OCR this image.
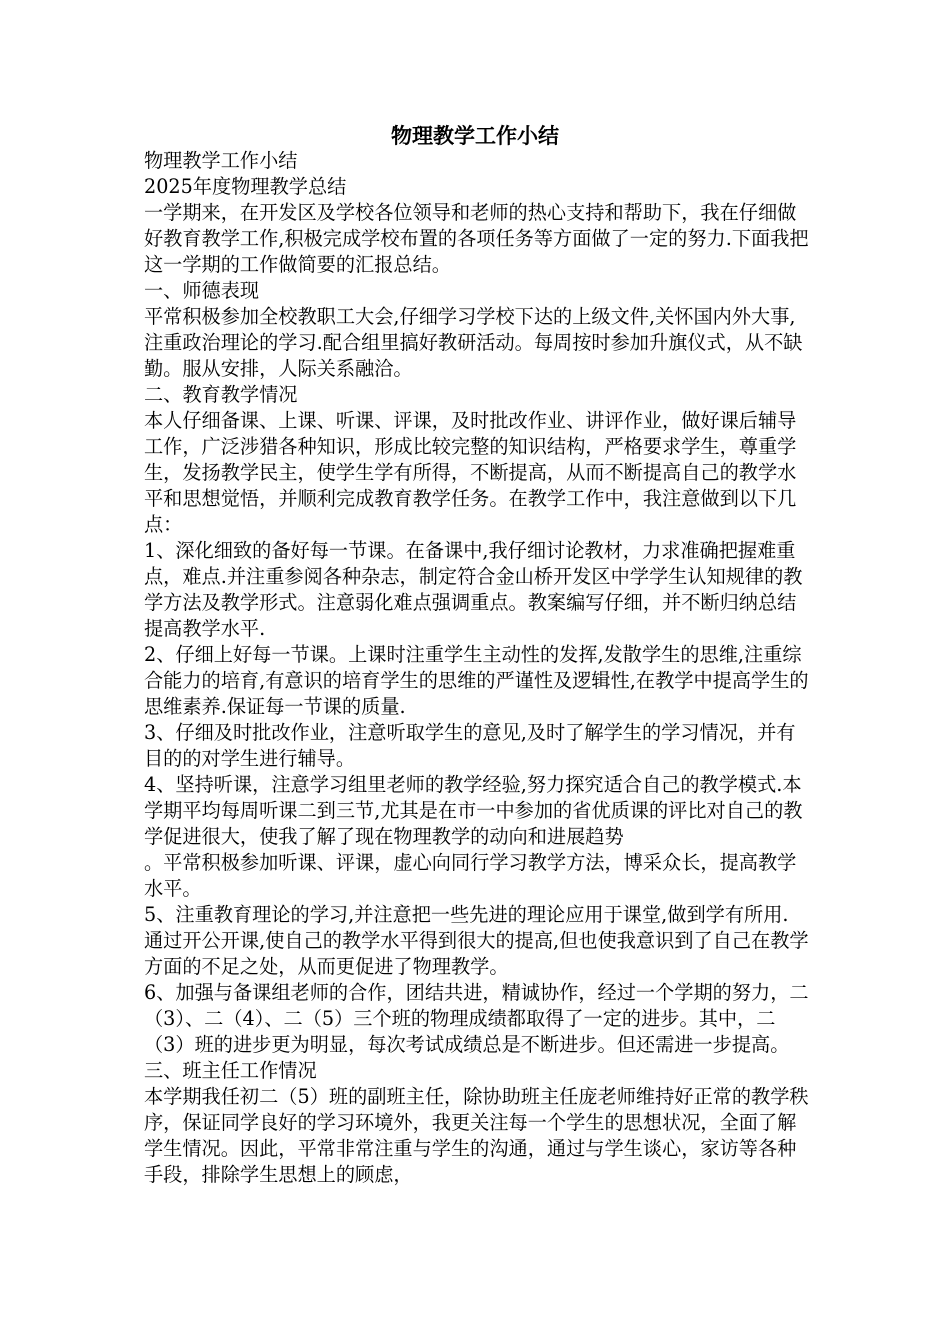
物理教学工作小结

物理教学工作小结

2025年度物理教学总结

一学期来，在开发区及学校各位领导和老师的热心支持和帮助下，我在仔细做好教育教学工作,积极完成学校布置的各项任务等方面做了一定的努力.下面我把这一学期的工作做简要的汇报总结。

一、师德表现

平常积极参加全校教职工大会,仔细学习学校下达的上级文件,关怀国内外大事,注重政治理论的学习.配合组里搞好教研活动。每周按时参加升旗仪式，从不缺勤。服从安排，人际关系融洽。

二、教育教学情况

本人仔细备课、上课、听课、评课，及时批改作业、讲评作业，做好课后辅导工作，广泛涉猎各种知识，形成比较完整的知识结构，严格要求学生，尊重学生，发扬教学民主，使学生学有所得，不断提高，从而不断提高自己的教学水平和思想觉悟，并顺利完成教育教学任务。在教学工作中，我注意做到以下几点：

1、深化细致的备好每一节课。在备课中,我仔细讨论教材，力求准确把握难重点，难点.并注重参阅各种杂志，制定符合金山桥开发区中学学生认知规律的教学方法及教学形式。注意弱化难点强调重点。教案编写仔细，并不断归纳总结提高教学水平.

2、仔细上好每一节课。上课时注重学生主动性的发挥,发散学生的思维,注重综合能力的培育,有意识的培育学生的思维的严谨性及逻辑性,在教学中提高学生的思维素养.保证每一节课的质量.

3、仔细及时批改作业，注意听取学生的意见,及时了解学生的学习情况，并有目的的对学生进行辅导。

4、坚持听课，注意学习组里老师的教学经验,努力探究适合自己的教学模式.本学期平均每周听课二到三节,尤其是在市一中参加的省优质课的评比对自己的教学促进很大，使我了解了现在物理教学的动向和进展趋势

。平常积极参加听课、评课，虚心向同行学习教学方法，博采众长，提高教学水平。

5、注重教育理论的学习,并注意把一些先进的理论应用于课堂,做到学有所用.

通过开公开课,使自己的教学水平得到很大的提高,但也使我意识到了自己在教学方面的不足之处，从而更促进了物理教学。

6、加强与备课组老师的合作，团结共进，精诚协作，经过一个学期的努力，二（3）、二（4）、二（5）三个班的物理成绩都取得了一定的进步。其中，二（3）班的进步更为明显，每次考试成绩总是不断进步。但还需进一步提高。

三、班主任工作情况

本学期我任初二（5）班的副班主任，除协助班主任庞老师维持好正常的教学秩序，保证同学良好的学习环境外，我更关注每一个学生的思想状况，全面了解学生情况。因此，平常非常注重与学生的沟通，通过与学生谈心，家访等各种手段，排除学生思想上的顾虑，
